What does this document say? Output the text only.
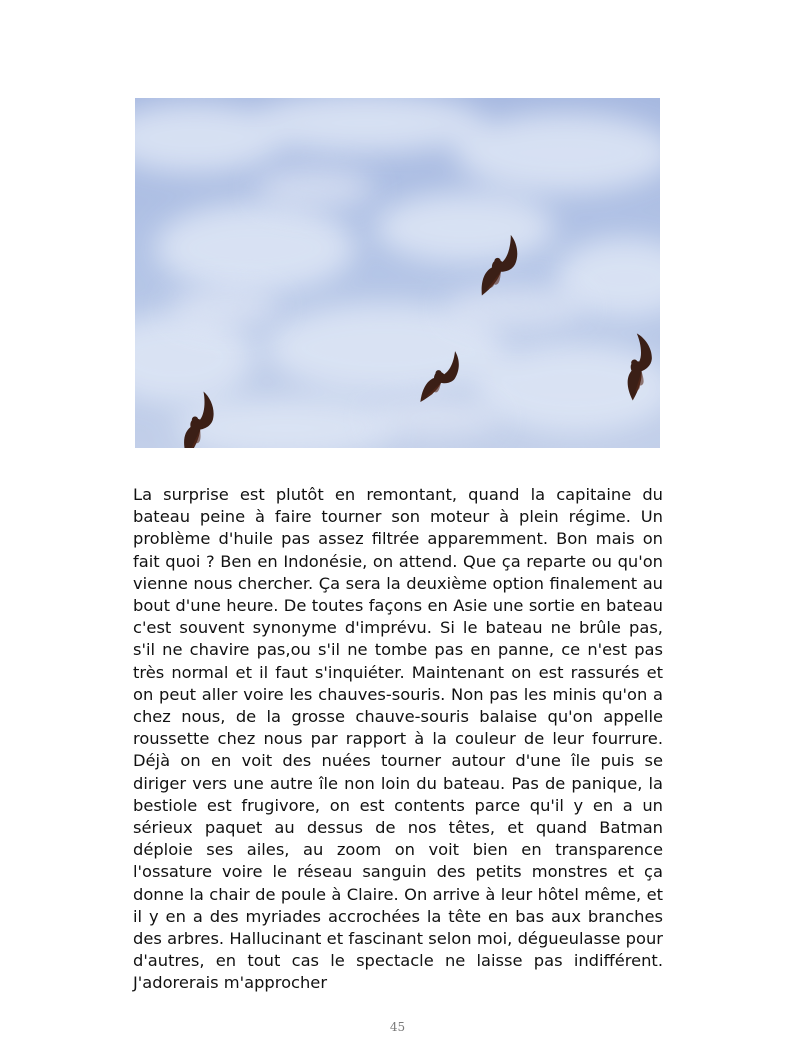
La surprise est plutôt en remontant, quand la capitaine du bateau peine à faire tourner son moteur à plein régime. Un problème d'huile pas assez filtrée apparemment. Bon mais on fait quoi ? Ben en Indonésie, on attend. Que ça reparte ou qu'on vienne nous chercher. Ça sera la deuxième option finalement au bout d'une heure. De toutes façons en Asie une sortie en bateau c'est souvent synonyme d'imprévu. Si le bateau ne brûle pas, s'il ne chavire pas,ou s'il ne tombe pas en panne, ce n'est pas très normal et il faut s'inquiéter. Maintenant on est rassurés et on peut aller voire les chauves-souris. Non pas les minis qu'on a chez nous, de la grosse chauve-souris balaise qu'on appelle roussette chez nous par rapport à la couleur de leur fourrure. Déjà on en voit des nuées tourner autour d'une île puis se diriger vers une autre île non loin du bateau. Pas de panique, la bestiole est frugivore, on est contents parce qu'il y en a un sérieux paquet au dessus de nos têtes, et quand Batman déploie ses ailes, au zoom on voit bien en transparence l'ossature voire le réseau sanguin des petits monstres et ça donne la chair de poule à Claire. On arrive à leur hôtel même, et il y en a des myriades accrochées la tête en bas aux branches des arbres. Hallucinant et fascinant selon moi, dégueulasse pour d'autres, en tout cas le spectacle ne laisse pas indifférent. J'adorerais m'approcher

45
